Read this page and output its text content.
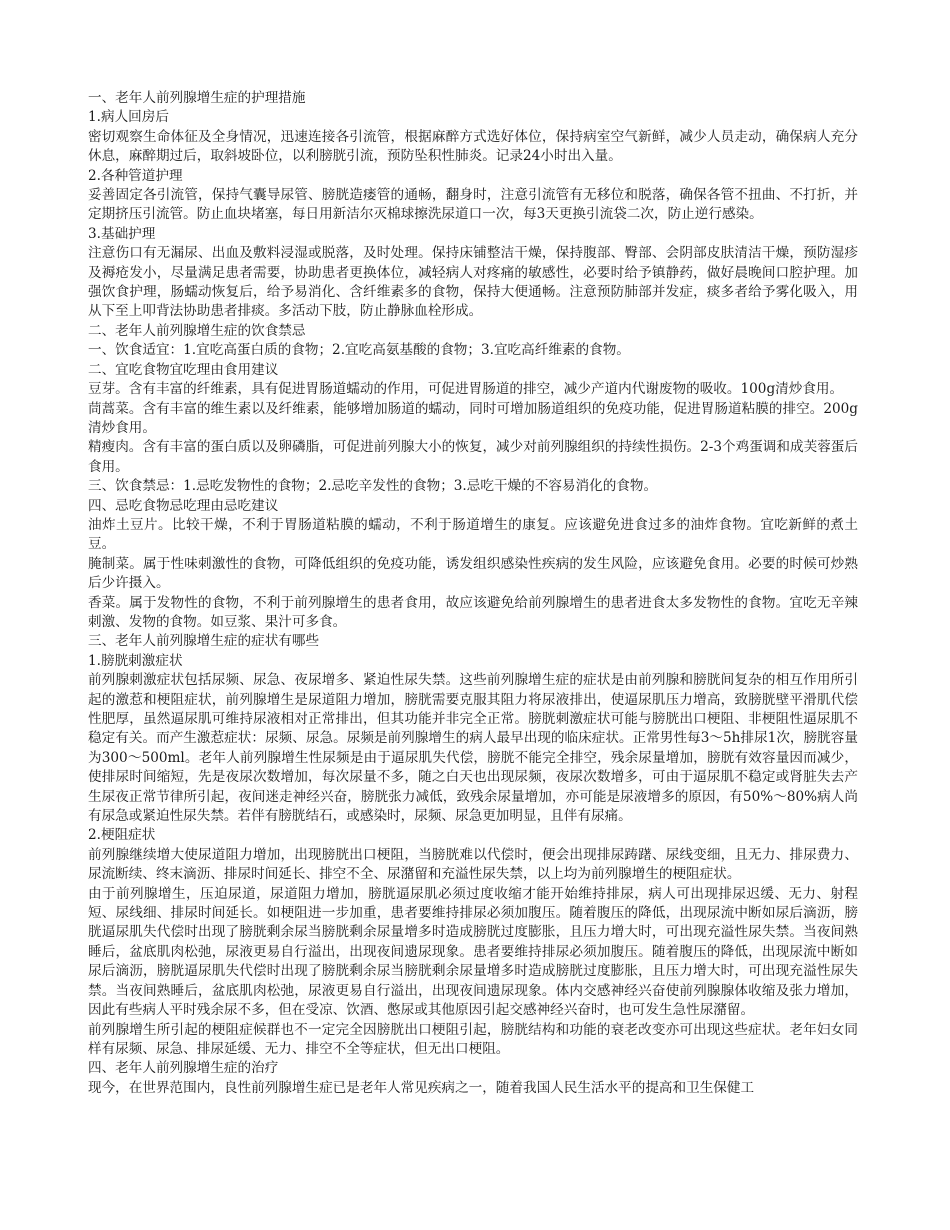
一、老年人前列腺增生症的护理措施
1.病人回房后
密切观察生命体征及全身情况，迅速连接各引流管，根据麻醉方式选好体位，保持病室空气新鲜，减少人员走动，确保病人充分休息，麻醉期过后，取斜坡卧位，以利膀胱引流，预防坠积性肺炎。记录24小时出入量。
2.各种管道护理
妥善固定各引流管，保持气囊导尿管、膀胱造瘘管的通畅，翻身时，注意引流管有无移位和脱落，确保各管不扭曲、不打折，并定期挤压引流管。防止血块堵塞，每日用新洁尔灭棉球擦洗尿道口一次，每3天更换引流袋二次，防止逆行感染。
3.基础护理
注意伤口有无漏尿、出血及敷料浸湿或脱落，及时处理。保持床铺整洁干燥，保持腹部、臀部、会阴部皮肤清洁干燥，预防湿疹及褥疮发小，尽量满足患者需要，协助患者更换体位，减轻病人对疼痛的敏感性，必要时给予镇静药，做好晨晚间口腔护理。加强饮食护理，肠蠕动恢复后，给予易消化、含纤维素多的食物，保持大便通畅。注意预防肺部并发症，痰多者给予雾化吸入，用从下至上叩背法协助患者排痰。多活动下肢，防止静脉血栓形成。
二、老年人前列腺增生症的饮食禁忌
一、饮食适宜：1.宜吃高蛋白质的食物；2.宜吃高氨基酸的食物；3.宜吃高纤维素的食物。
二、宜吃食物宜吃理由食用建议
豆芽。含有丰富的纤维素，具有促进胃肠道蠕动的作用，可促进胃肠道的排空，减少产道内代谢废物的吸收。100g清炒食用。
茼蒿菜。含有丰富的维生素以及纤维素，能够增加肠道的蠕动，同时可增加肠道组织的免疫功能，促进胃肠道粘膜的排空。200g清炒食用。
精瘦肉。含有丰富的蛋白质以及卵磷脂，可促进前列腺大小的恢复，减少对前列腺组织的持续性损伤。2-3个鸡蛋调和成芙蓉蛋后食用。
三、饮食禁忌：1.忌吃发物性的食物；2.忌吃辛发性的食物；3.忌吃干燥的不容易消化的食物。
四、忌吃食物忌吃理由忌吃建议
油炸土豆片。比较干燥，不利于胃肠道粘膜的蠕动，不利于肠道增生的康复。应该避免进食过多的油炸食物。宜吃新鲜的煮土豆。
腌制菜。属于性味刺激性的食物，可降低组织的免疫功能，诱发组织感染性疾病的发生风险，应该避免食用。必要的时候可炒熟后少许摄入。
香菜。属于发物性的食物，不利于前列腺增生的患者食用，故应该避免给前列腺增生的患者进食太多发物性的食物。宜吃无辛辣刺激、发物的食物。如豆浆、果汁可多食。
三、老年人前列腺增生症的症状有哪些
1.膀胱刺激症状
前列腺刺激症状包括尿频、尿急、夜尿增多、紧迫性尿失禁。这些前列腺增生症的症状是由前列腺和膀胱间复杂的相互作用所引起的激惹和梗阻症状，前列腺增生是尿道阻力增加，膀胱需要克服其阻力将尿液排出，使逼尿肌压力增高，致膀胱壁平滑肌代偿性肥厚，虽然逼尿肌可维持尿液相对正常排出，但其功能并非完全正常。膀胱刺激症状可能与膀胱出口梗阻、非梗阻性逼尿肌不稳定有关。而产生激惹症状：尿频、尿急。尿频是前列腺增生的病人最早出现的临床症状。正常男性每3～5h排尿1次，膀胱容量为300～500ml。老年人前列腺增生性尿频是由于逼尿肌失代偿，膀胱不能完全排空，残余尿量增加，膀胱有效容量因而减少，使排尿时间缩短，先是夜尿次数增加，每次尿量不多，随之白天也出现尿频，夜尿次数增多，可由于逼尿肌不稳定或肾脏失去产生尿夜正常节律所引起，夜间迷走神经兴奋，膀胱张力减低，致残余尿量增加，亦可能是尿液增多的原因，有50%～80%病人尚有尿急或紧迫性尿失禁。若伴有膀胱结石，或感染时，尿频、尿急更加明显，且伴有尿痛。
2.梗阻症状
前列腺继续增大使尿道阻力增加，出现膀胱出口梗阻，当膀胱难以代偿时，便会出现排尿踌躇、尿线变细，且无力、排尿费力、尿流断续、终末滴沥、排尿时间延长、排空不全、尿潴留和充溢性尿失禁，以上均为前列腺增生的梗阻症状。
由于前列腺增生，压迫尿道，尿道阻力增加，膀胱逼尿肌必须过度收缩才能开始维持排尿，病人可出现排尿迟缓、无力、射程短、尿线细、排尿时间延长。如梗阻进一步加重，患者要维持排尿必须加腹压。随着腹压的降低，出现尿流中断如尿后滴沥，膀胱逼尿肌失代偿时出现了膀胱剩余尿当膀胱剩余尿量增多时造成膀胱过度膨胀，且压力增大时，可出现充溢性尿失禁。当夜间熟睡后，盆底肌肉松弛，尿液更易自行溢出，出现夜间遗尿现象。患者要维持排尿必须加腹压。随着腹压的降低，出现尿流中断如尿后滴沥，膀胱逼尿肌失代偿时出现了膀胱剩余尿当膀胱剩余尿量增多时造成膀胱过度膨胀，且压力增大时，可出现充溢性尿失禁。当夜间熟睡后，盆底肌肉松弛，尿液更易自行溢出，出现夜间遗尿现象。体内交感神经兴奋使前列腺腺体收缩及张力增加，因此有些病人平时残余尿不多，但在受凉、饮酒、憋尿或其他原因引起交感神经兴奋时，也可发生急性尿潴留。
前列腺增生所引起的梗阻症候群也不一定完全因膀胱出口梗阻引起，膀胱结构和功能的衰老改变亦可出现这些症状。老年妇女同样有尿频、尿急、排尿延缓、无力、排空不全等症状，但无出口梗阻。
四、老年人前列腺增生症的治疗
现今，在世界范围内，良性前列腺增生症已是老年人常见疾病之一，随着我国人民生活水平的提高和卫生保健工
